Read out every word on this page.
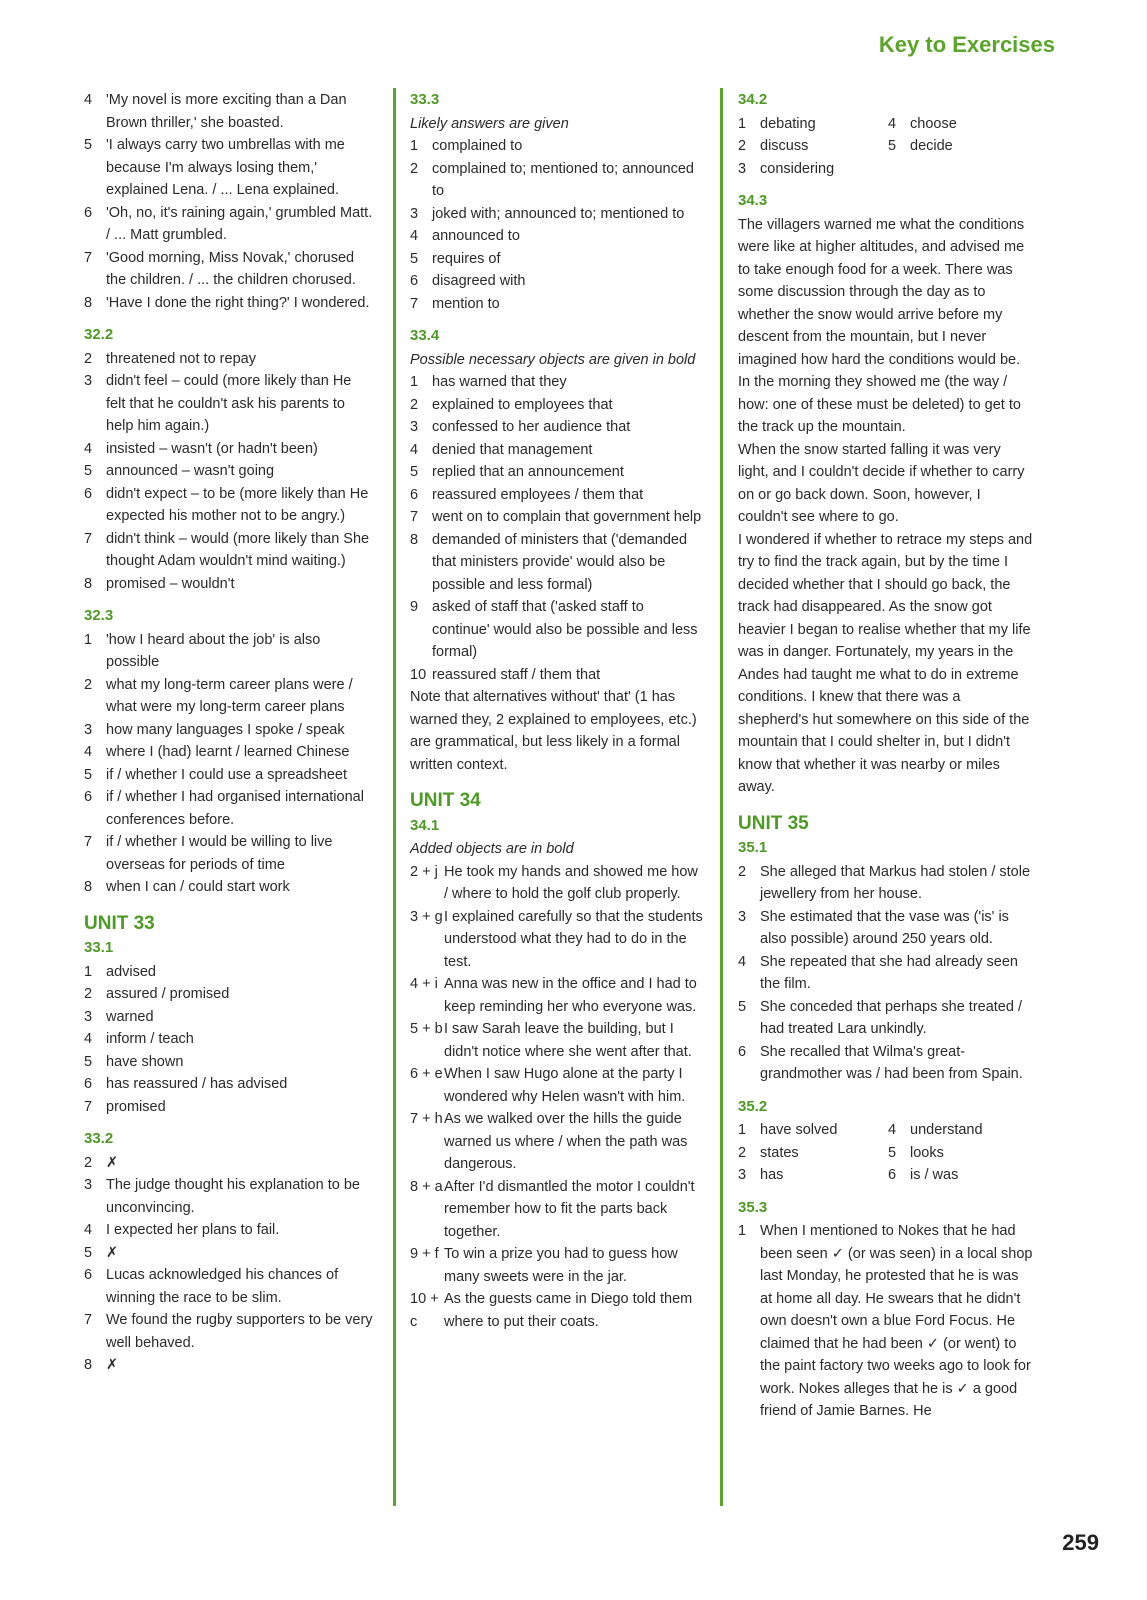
Key to Exercises
4 'My novel is more exciting than a Dan Brown thriller,' she boasted.
5 'I always carry two umbrellas with me because I'm always losing them,' explained Lena. / ... Lena explained.
6 'Oh, no, it's raining again,' grumbled Matt. / ... Matt grumbled.
7 'Good morning, Miss Novak,' chorused the children. / ... the children chorused.
8 'Have I done the right thing?' I wondered.
32.2
2 threatened not to repay
3 didn't feel – could (more likely than He felt that he couldn't ask his parents to help him again.)
4 insisted – wasn't (or hadn't been)
5 announced – wasn't going
6 didn't expect – to be (more likely than He expected his mother not to be angry.)
7 didn't think – would (more likely than She thought Adam wouldn't mind waiting.)
8 promised – wouldn't
32.3
1 'how I heard about the job' is also possible
2 what my long-term career plans were / what were my long-term career plans
3 how many languages I spoke / speak
4 where I (had) learnt / learned Chinese
5 if / whether I could use a spreadsheet
6 if / whether I had organised international conferences before.
7 if / whether I would be willing to live overseas for periods of time
8 when I can / could start work
UNIT 33
33.1
1 advised
2 assured / promised
3 warned
4 inform / teach
5 have shown
6 has reassured / has advised
7 promised
33.2
2 ✗
3 The judge thought his explanation to be unconvincing.
4 I expected her plans to fail.
5 ✗
6 Lucas acknowledged his chances of winning the race to be slim.
7 We found the rugby supporters to be very well behaved.
8 ✗
33.3
Likely answers are given
1 complained to
2 complained to; mentioned to; announced to
3 joked with; announced to; mentioned to
4 announced to
5 requires of
6 disagreed with
7 mention to
33.4
Possible necessary objects are given in bold
1 has warned that they
2 explained to employees that
3 confessed to her audience that
4 denied that management
5 replied that an announcement
6 reassured employees / them that
7 went on to complain that government help
8 demanded of ministers that ('demanded that ministers provide' would also be possible and less formal)
9 asked of staff that ('asked staff to continue' would also be possible and less formal)
10 reassured staff / them that
Note that alternatives without' that' (1 has warned they, 2 explained to employees, etc.) are grammatical, but less likely in a formal written context.
UNIT 34
34.1
Added objects are in bold
2 + j He took my hands and showed me how / where to hold the golf club properly.
3 + g I explained carefully so that the students understood what they had to do in the test.
4 + i Anna was new in the office and I had to keep reminding her who everyone was.
5 + b I saw Sarah leave the building, but I didn't notice where she went after that.
6 + e When I saw Hugo alone at the party I wondered why Helen wasn't with him.
7 + h As we walked over the hills the guide warned us where / when the path was dangerous.
8 + a After I'd dismantled the motor I couldn't remember how to fit the parts back together.
9 + f To win a prize you had to guess how many sweets were in the jar.
10 + c
As the guests came in Diego told them where to put their coats.
34.2
1 debating	4 choose
2 discuss	5 decide
3 considering
34.3
The villagers warned me what the conditions were like at higher altitudes, and advised me to take enough food for a week. There was some discussion through the day as to whether the snow would arrive before my descent from the mountain, but I never imagined how hard the conditions would be. In the morning they showed me (the way / how: one of these must be deleted) to get to the track up the mountain.
When the snow started falling it was very light, and I couldn't decide if whether to carry on or go back down. Soon, however, I couldn't see where to go.
I wondered if whether to retrace my steps and try to find the track again, but by the time I decided whether that I should go back, the track had disappeared. As the snow got heavier I began to realise whether that my life was in danger. Fortunately, my years in the Andes had taught me what to do in extreme conditions. I knew that there was a shepherd's hut somewhere on this side of the mountain that I could shelter in, but I didn't know that whether it was nearby or miles away.
UNIT 35
35.1
2 She alleged that Markus had stolen / stole jewellery from her house.
3 She estimated that the vase was ('is' is also possible) around 250 years old.
4 She repeated that she had already seen the film.
5 She conceded that perhaps she treated / had treated Lara unkindly.
6 She recalled that Wilma's great-grandmother was / had been from Spain.
35.2
1 have solved	4 understand
2 states	5 looks
3 has	6 is / was
35.3
1 When I mentioned to Nokes that he had been seen ✓ (or was seen) in a local shop last Monday, he protested that he is was at home all day. He swears that he didn't own doesn't own a blue Ford Focus. He claimed that he had been ✓ (or went) to the paint factory two weeks ago to look for work. Nokes alleges that he is ✓ a good friend of Jamie Barnes. He
259
